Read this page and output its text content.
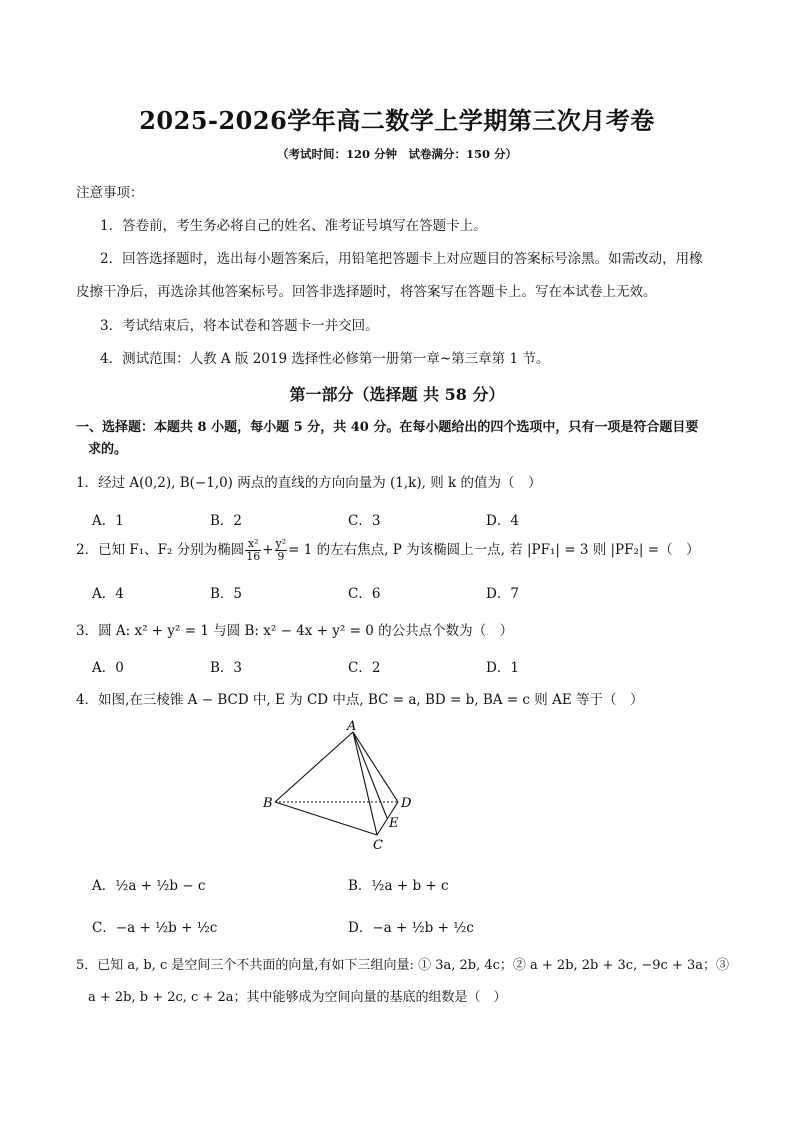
2025-2026学年高二数学上学期第三次月考卷
（考试时间：120 分钟　试卷满分：150 分）
注意事项：
1．答卷前，考生务必将自己的姓名、准考证号填写在答题卡上。
2．回答选择题时，选出每小题答案后，用铅笔把答题卡上对应题目的答案标号涂黑。如需改动，用橡
皮擦干净后，再选涂其他答案标号。回答非选择题时，将答案写在答题卡上。写在本试卷上无效。
3．考试结束后，将本试卷和答题卡一并交回。
4．测试范围：人教 A 版 2019 选择性必修第一册第一章~第三章第 1 节。
第一部分（选择题 共 58 分）
一、选择题：本题共 8 小题，每小题 5 分，共 40 分。在每小题给出的四个选项中，只有一项是符合题目要
求的。
1．经过 A(0,2), B(−1,0) 两点的直线的方向向量为 (1,k), 则 k 的值为（　）
A．1	B．2	C．3	D．4
2．已知 F₁、F₂ 分别为椭圆 $\frac{\text{x²}}{16} + \frac{\text{y²}}{9} = 1$ 的左右焦点, P 为该椭圆上一点, 若 |PF₁| = 3 则 |PF₂| =（　）
A．4	B．5	C．6	D．7
3．圆 A: x² + y² = 1 与圆 B: x² − 4x + y² = 0 的公共点个数为（　）
A．0	B．3	C．2	D．1
4．如图,在三棱锥 A − BCD 中, E 为 CD 中点, BC = a, BD = b, BA = c 则 AE 等于（　）
A
B	D
E
C
A．½a + ½b − c	B．½a + b + c
C．−a + ½b + ½c	D．−a + ½b + ½c
5．已知 a, b, c 是空间三个不共面的向量,有如下三组向量: ① 3a, 2b, 4c；② a + 2b, 2b + 3c, −9c + 3a；③
a + 2b, b + 2c, c + 2a；其中能够成为空间向量的基底的组数是（　）
